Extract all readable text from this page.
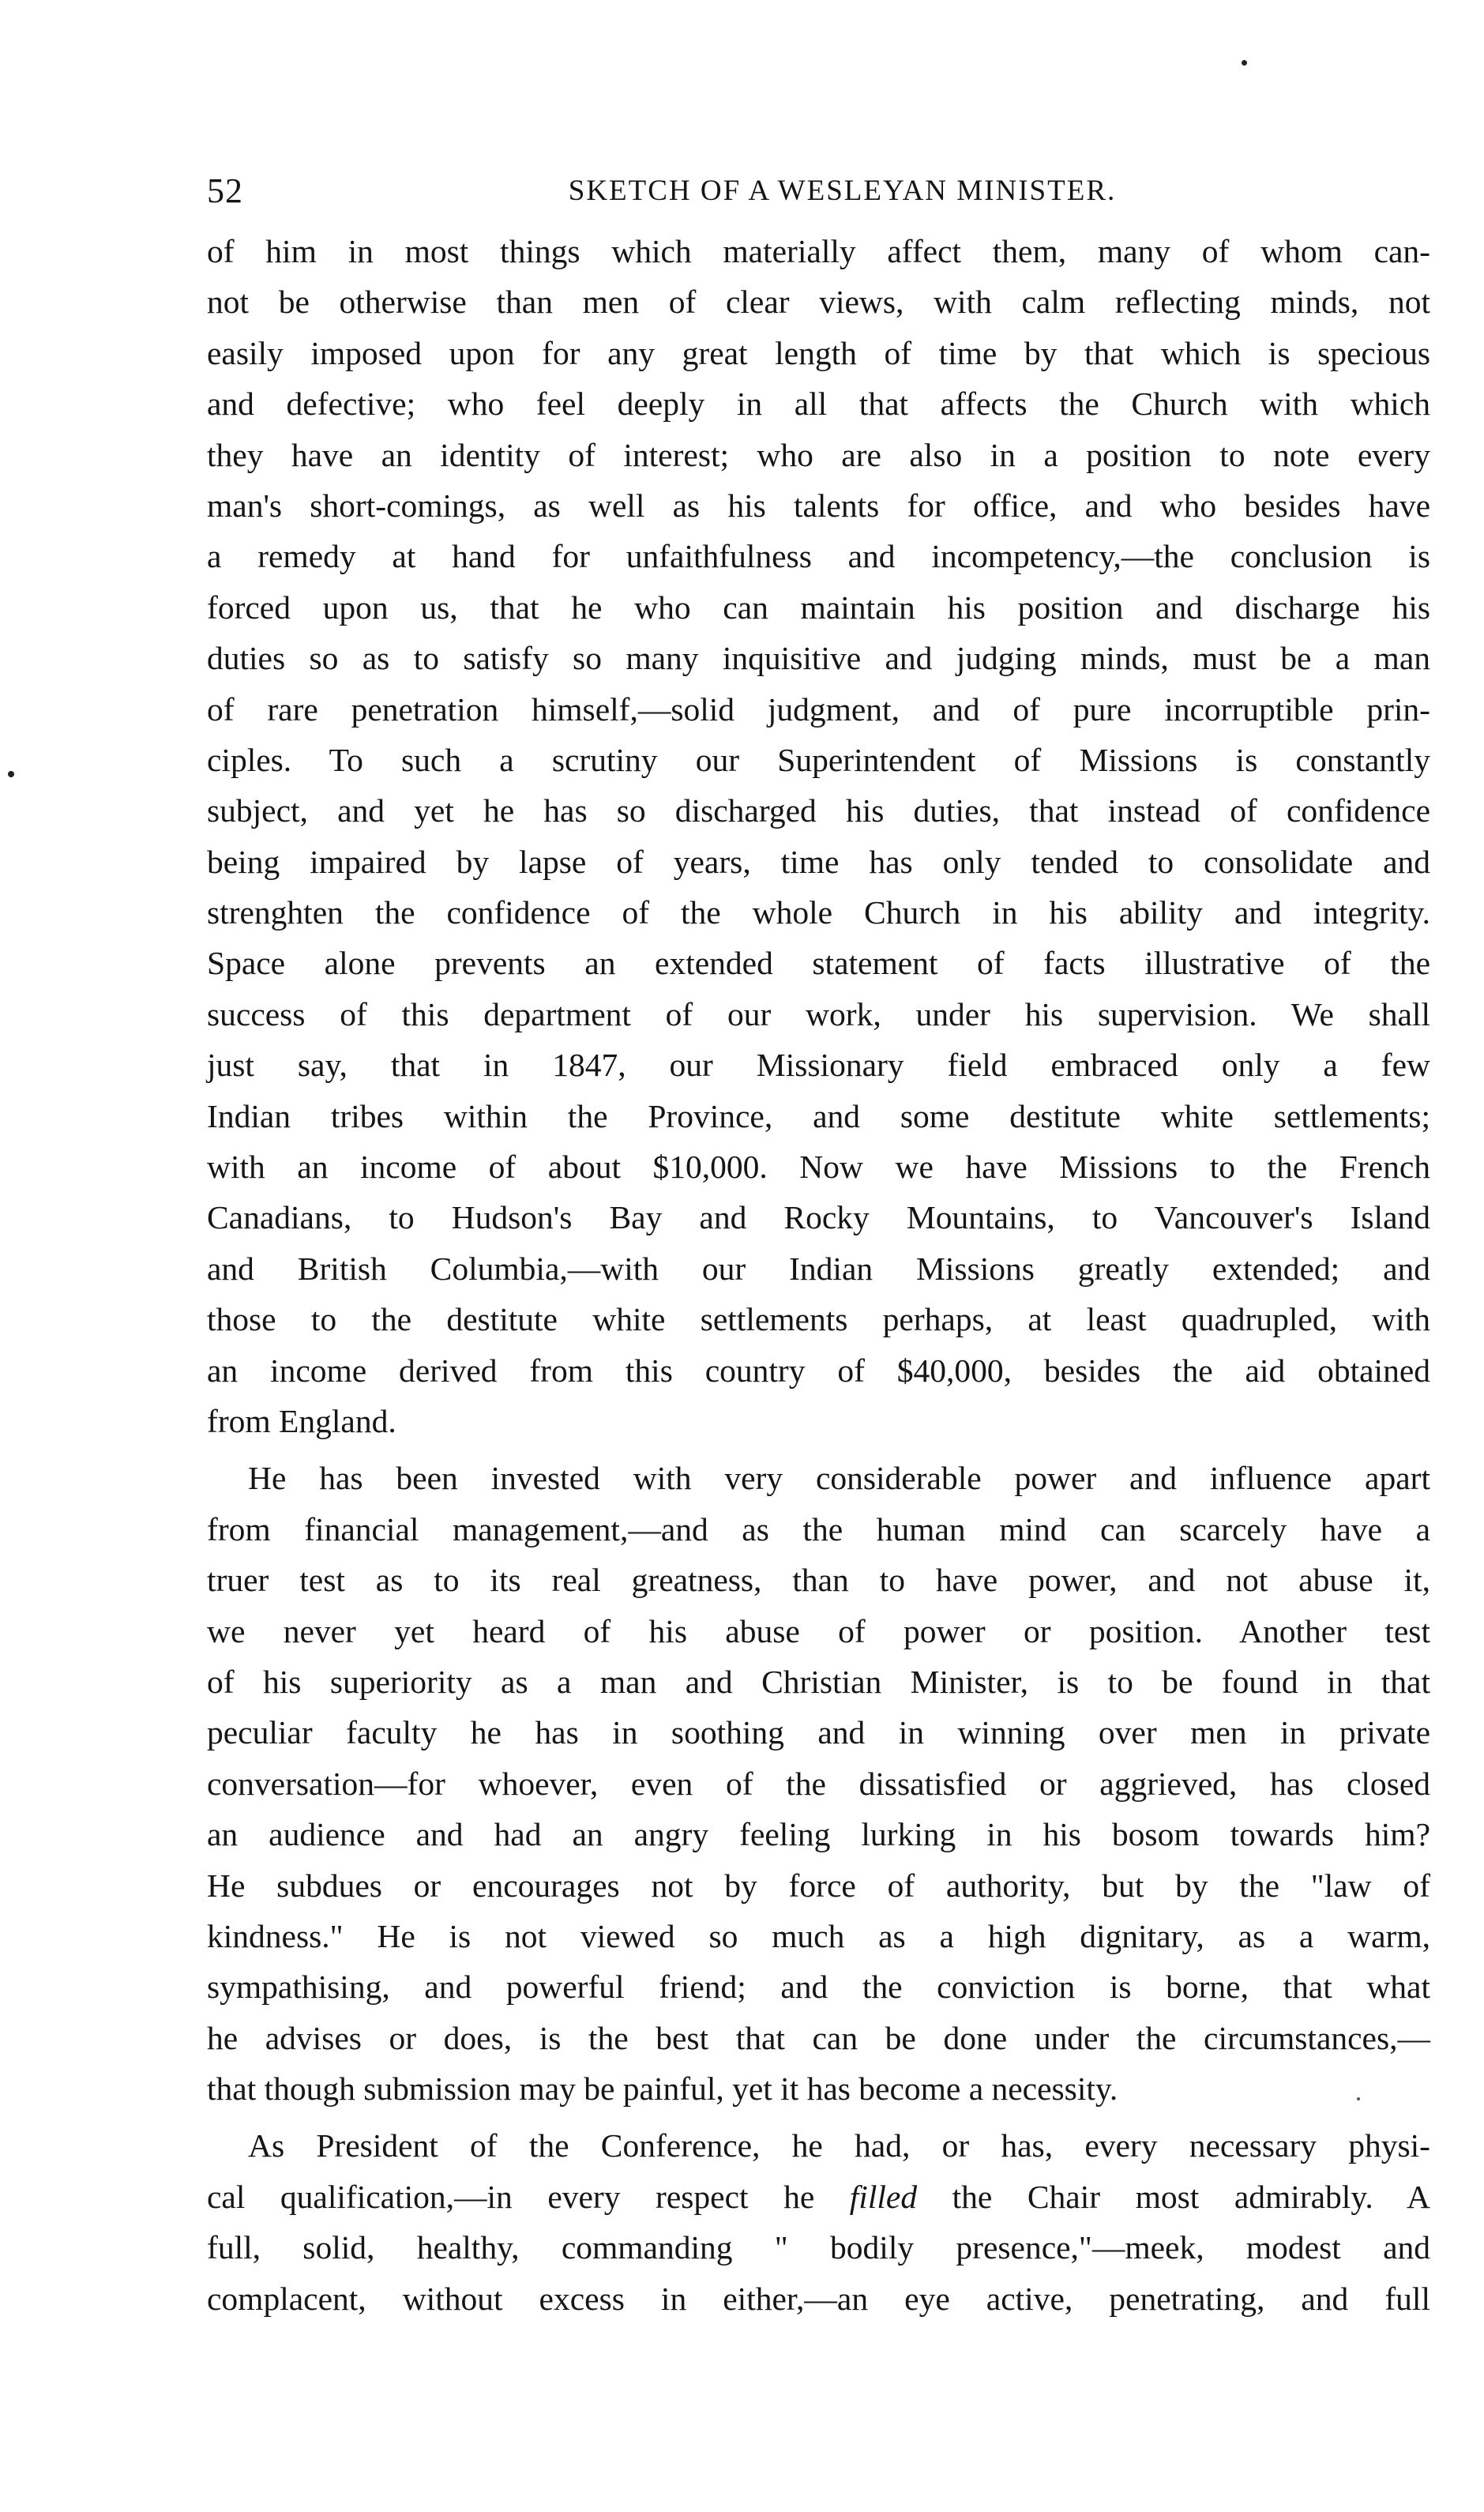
52	SKETCH OF A WESLEYAN MINISTER.
of him in most things which materially affect them, many of whom can-
not be otherwise than men of clear views, with calm reflecting minds, not
easily imposed upon for any great length of time by that which is specious
and defective; who feel deeply in all that affects the Church with which
they have an identity of interest; who are also in a position to note every
man's short-comings, as well as his talents for office, and who besides have
a remedy at hand for unfaithfulness and incompetency,—the conclusion is
forced upon us, that he who can maintain his position and discharge his
duties so as to satisfy so many inquisitive and judging minds, must be a man
of rare penetration himself,—solid judgment, and of pure incorruptible prin-
ciples. To such a scrutiny our Superintendent of Missions is constantly
subject, and yet he has so discharged his duties, that instead of confidence
being impaired by lapse of years, time has only tended to consolidate and
strenghten the confidence of the whole Church in his ability and integrity.
Space alone prevents an extended statement of facts illustrative of the
success of this department of our work, under his supervision. We shall
just say, that in 1847, our Missionary field embraced only a few
Indian tribes within the Province, and some destitute white settlements;
with an income of about $10,000. Now we have Missions to the French
Canadians, to Hudson's Bay and Rocky Mountains, to Vancouver's Island
and British Columbia,—with our Indian Missions greatly extended; and
those to the destitute white settlements perhaps, at least quadrupled, with
an income derived from this country of $40,000, besides the aid obtained
from England.
He has been invested with very considerable power and influence apart
from financial management,—and as the human mind can scarcely have a
truer test as to its real greatness, than to have power, and not abuse it,
we never yet heard of his abuse of power or position. Another test
of his superiority as a man and Christian Minister, is to be found in that
peculiar faculty he has in soothing and in winning over men in private
conversation—for whoever, even of the dissatisfied or aggrieved, has closed
an audience and had an angry feeling lurking in his bosom towards him?
He subdues or encourages not by force of authority, but by the "law of
kindness." He is not viewed so much as a high dignitary, as a warm,
sympathising, and powerful friend; and the conviction is borne, that what
he advises or does, is the best that can be done under the circumstances,—
that though submission may be painful, yet it has become a necessity.
As President of the Conference, he had, or has, every necessary physi-
cal qualification,—in every respect he filled the Chair most admirably. A
full, solid, healthy, commanding " bodily presence,"—meek, modest and
complacent, without excess in either,—an eye active, penetrating, and full
